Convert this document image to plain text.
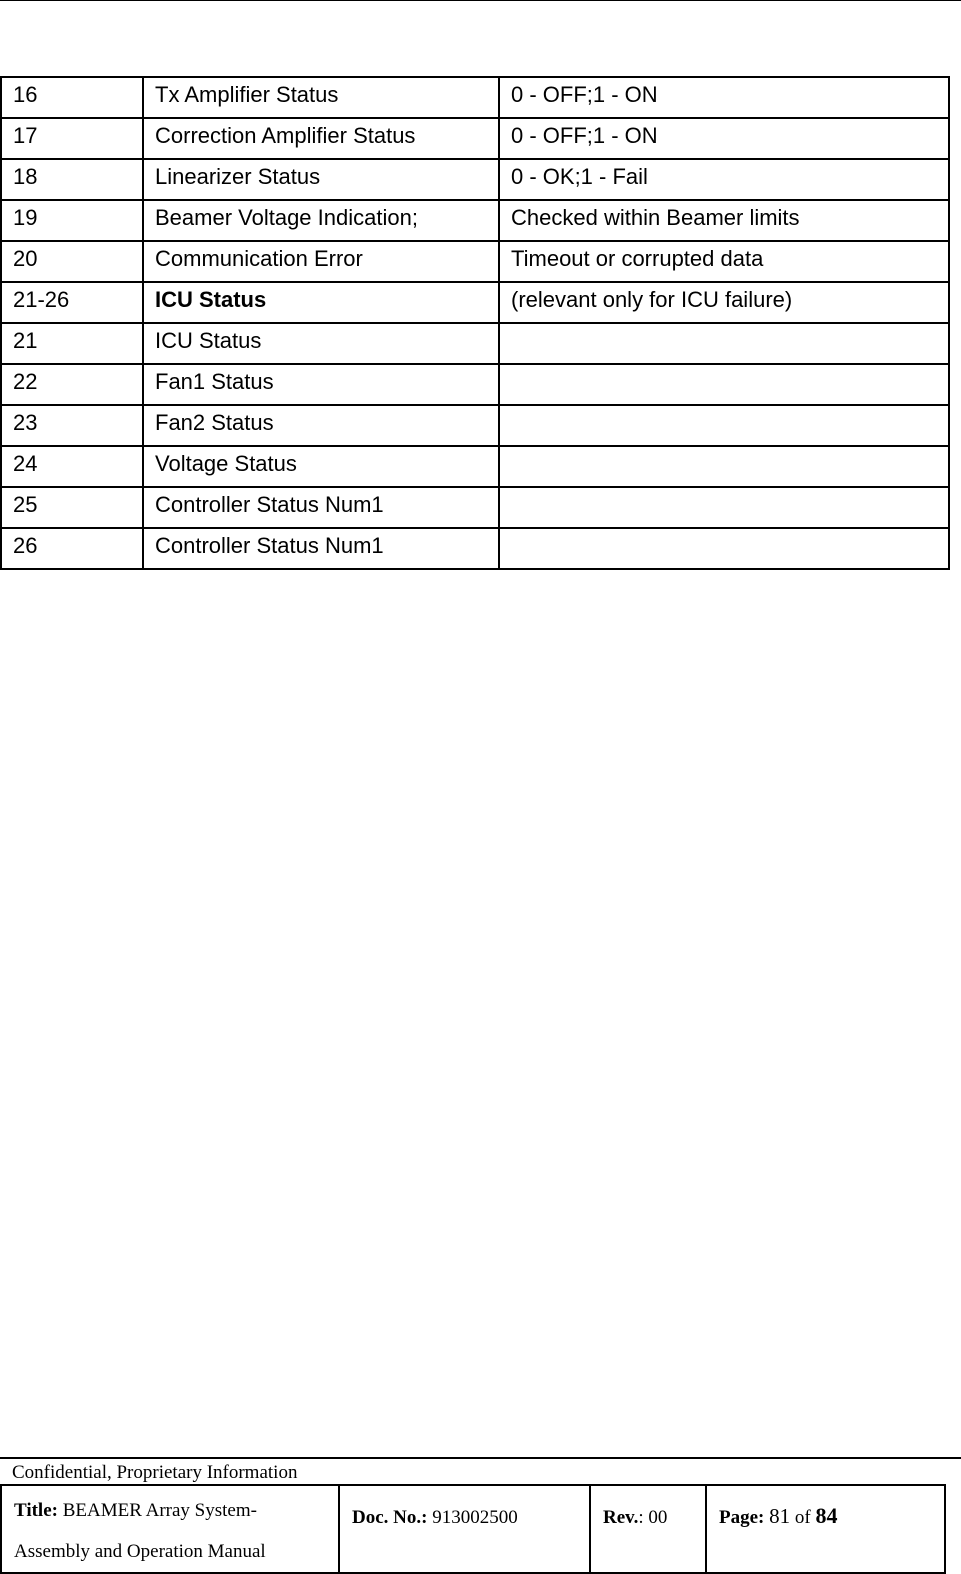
16	Tx Amplifier Status	0 - OFF;1 - ON
17	Correction Amplifier Status	0 - OFF;1 - ON
18	Linearizer Status	0 - OK;1 - Fail
19	Beamer Voltage Indication;	Checked within Beamer limits
20	Communication Error	Timeout or corrupted data
21-26	ICU Status	(relevant only for ICU failure)
21	ICU Status	
22	Fan1 Status	
23	Fan2 Status	
24	Voltage Status	
25	Controller Status Num1	
26	Controller Status Num1	
Confidential, Proprietary Information
Title: BEAMER Array System-
Assembly and Operation Manual
	Doc. No.: 913002500	Rev.: 00	Page: 81 of 84
